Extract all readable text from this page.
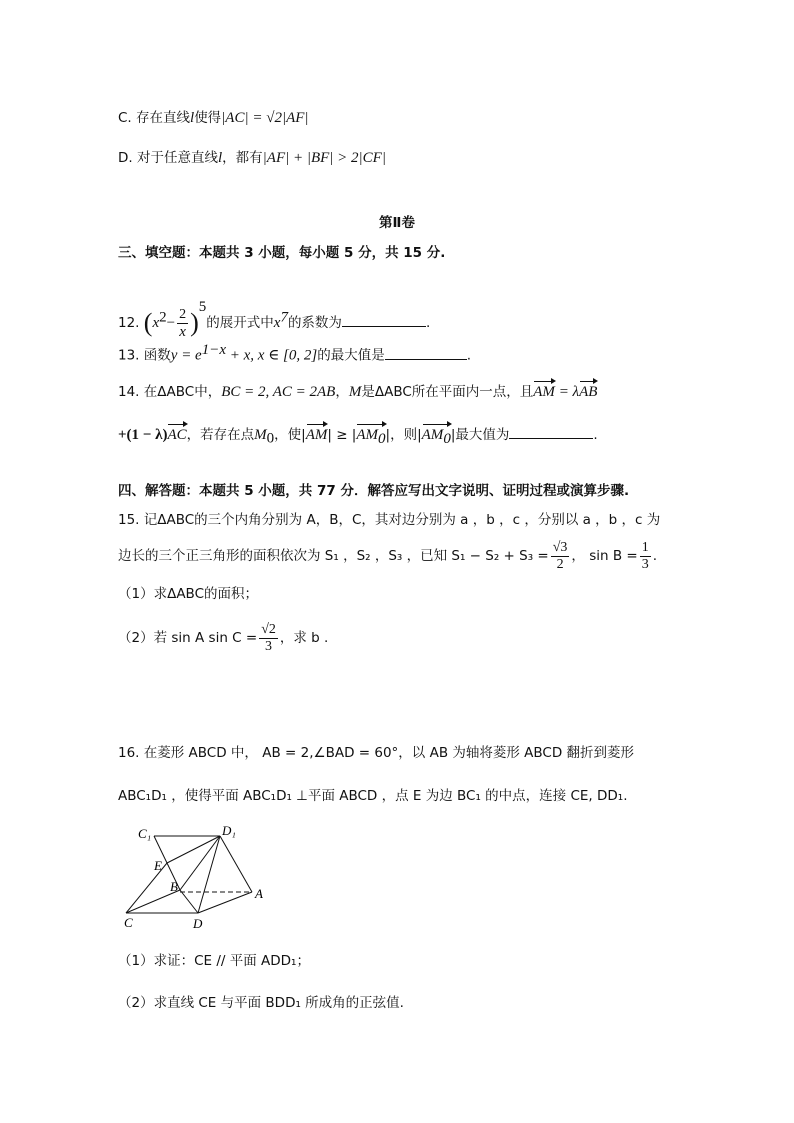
C. 存在直线l使得|AC| = √2|AF|
D. 对于任意直线l，都有|AF| + |BF| > 2|CF|
第Ⅱ卷
三、填空题：本题共 3 小题，每小题 5 分，共 15 分.
12. $(x^2- \frac{2}{x} )^5$的展开式中$x^7$的系数为	.
13. 函数$y = e^{1-x} + x$, x ∈ [0, 2]的最大值是	.
14. 在ΔABC中，BC = 2, AC = 2AB，M是ΔABC所在平面内一点，且AM = λAB
+(1 − λ)AC，若存在点$M_0$，使$|AM| \ge |AM_0|$，则$|AM_0|$最大值为	.
四、解答题：本题共 5 小题，共 77 分．解答应写出文字说明、证明过程或演算步骤.
15. 记ΔABC的三个内角分别为 A，B，C，其对边分别为 a ，b ，c ，分别以 a ，b ，c 为
边长的三个正三角形的面积依次为 S₁ ，S₂ ，S₃ ，已知 $S_1 - S_2 + S_3 = \frac{√3}{2}$ ， $\sin B = \frac{1}{3}$ .
（1）求ΔABC的面积；
（2）若 sin A $\sin C = \frac{√2}{3}$ ，求 b .
16. 在菱形 ABCD 中， AB = 2,∠BAD = 60°，以 AB 为轴将菱形 ABCD 翻折到菱形
ABC₁D₁ ，使得平面 ABC₁D₁ ⊥平面 ABCD ，点 E 为边 BC₁ 的中点，连接 CE, DD₁.
C₁	D₁
E
B	A
C	D
（1）求证：CE // 平面 ADD₁；
（2）求直线 CE 与平面 BDD₁ 所成角的正弦值.
